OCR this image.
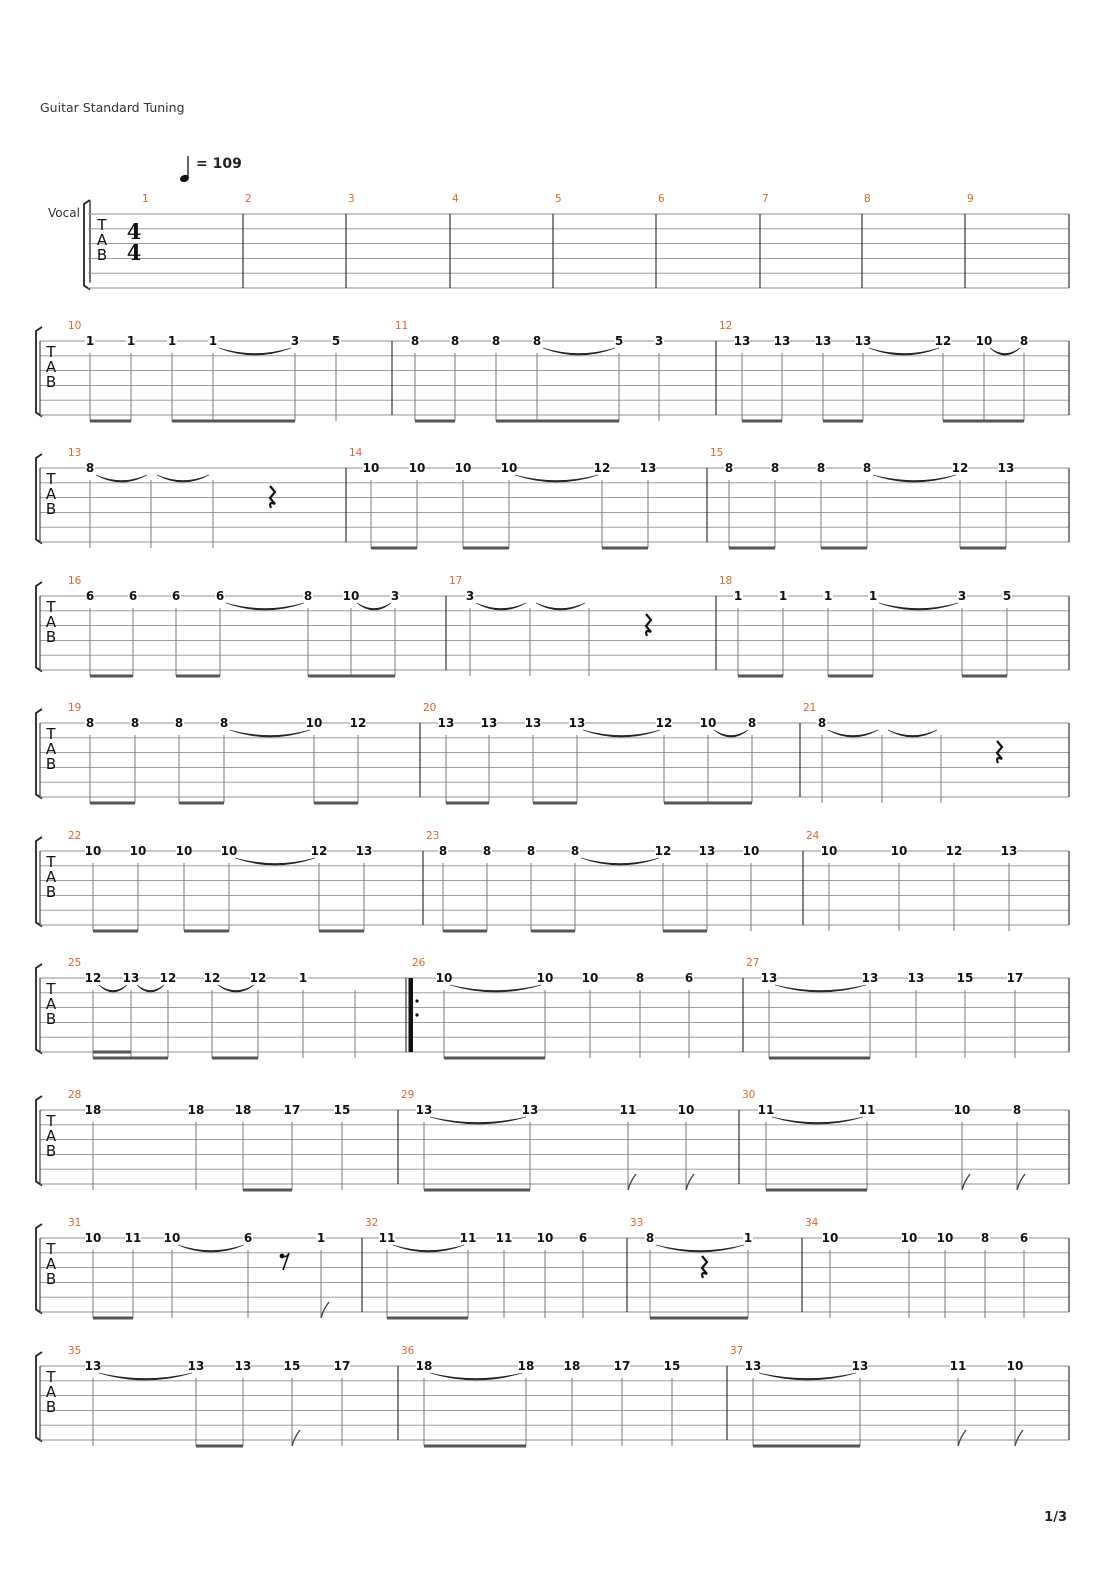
Guitar Standard Tuning
= 109
Vocal
T
A
B
4
4
1	2	3	4	5	6	7	8	9
T
A
B
10
1	1	1	1	3	5
11
8	8	8	8	5	3
12
13 13 13 13	12 10 8
T
A
B
13
8
14
10 10 10 10	12 13
15
8	8	8	8	12 13
T
A
B
16
6	6	6	6	8	10	3
17
3
18
1	1	1	1	3	5
T
A
B
19
8	8	8	8	10 12
20
13 13 13 13	12 10	8
21
8
T
A
B
22
10 10 10 10	12 13
23
8	8	8	8	12 13 10
24
10	10	12	13
T
A
B
25
12 13 12 12 12	1
26
10	10 10	8	6
27
13	13 13	15	17
T
A
B
28
18	18	18	17	15
29
13	13	11	10
30
11	11	10	8
T
A
B
31
10 11 10	6	1
32
11	11 11 10 6
33
8	1
34
10	10 10 8	6
T
A
B
35
13	13	13	15	17
36
18	18 18	17	15
37
13	13	11	10
1/3
